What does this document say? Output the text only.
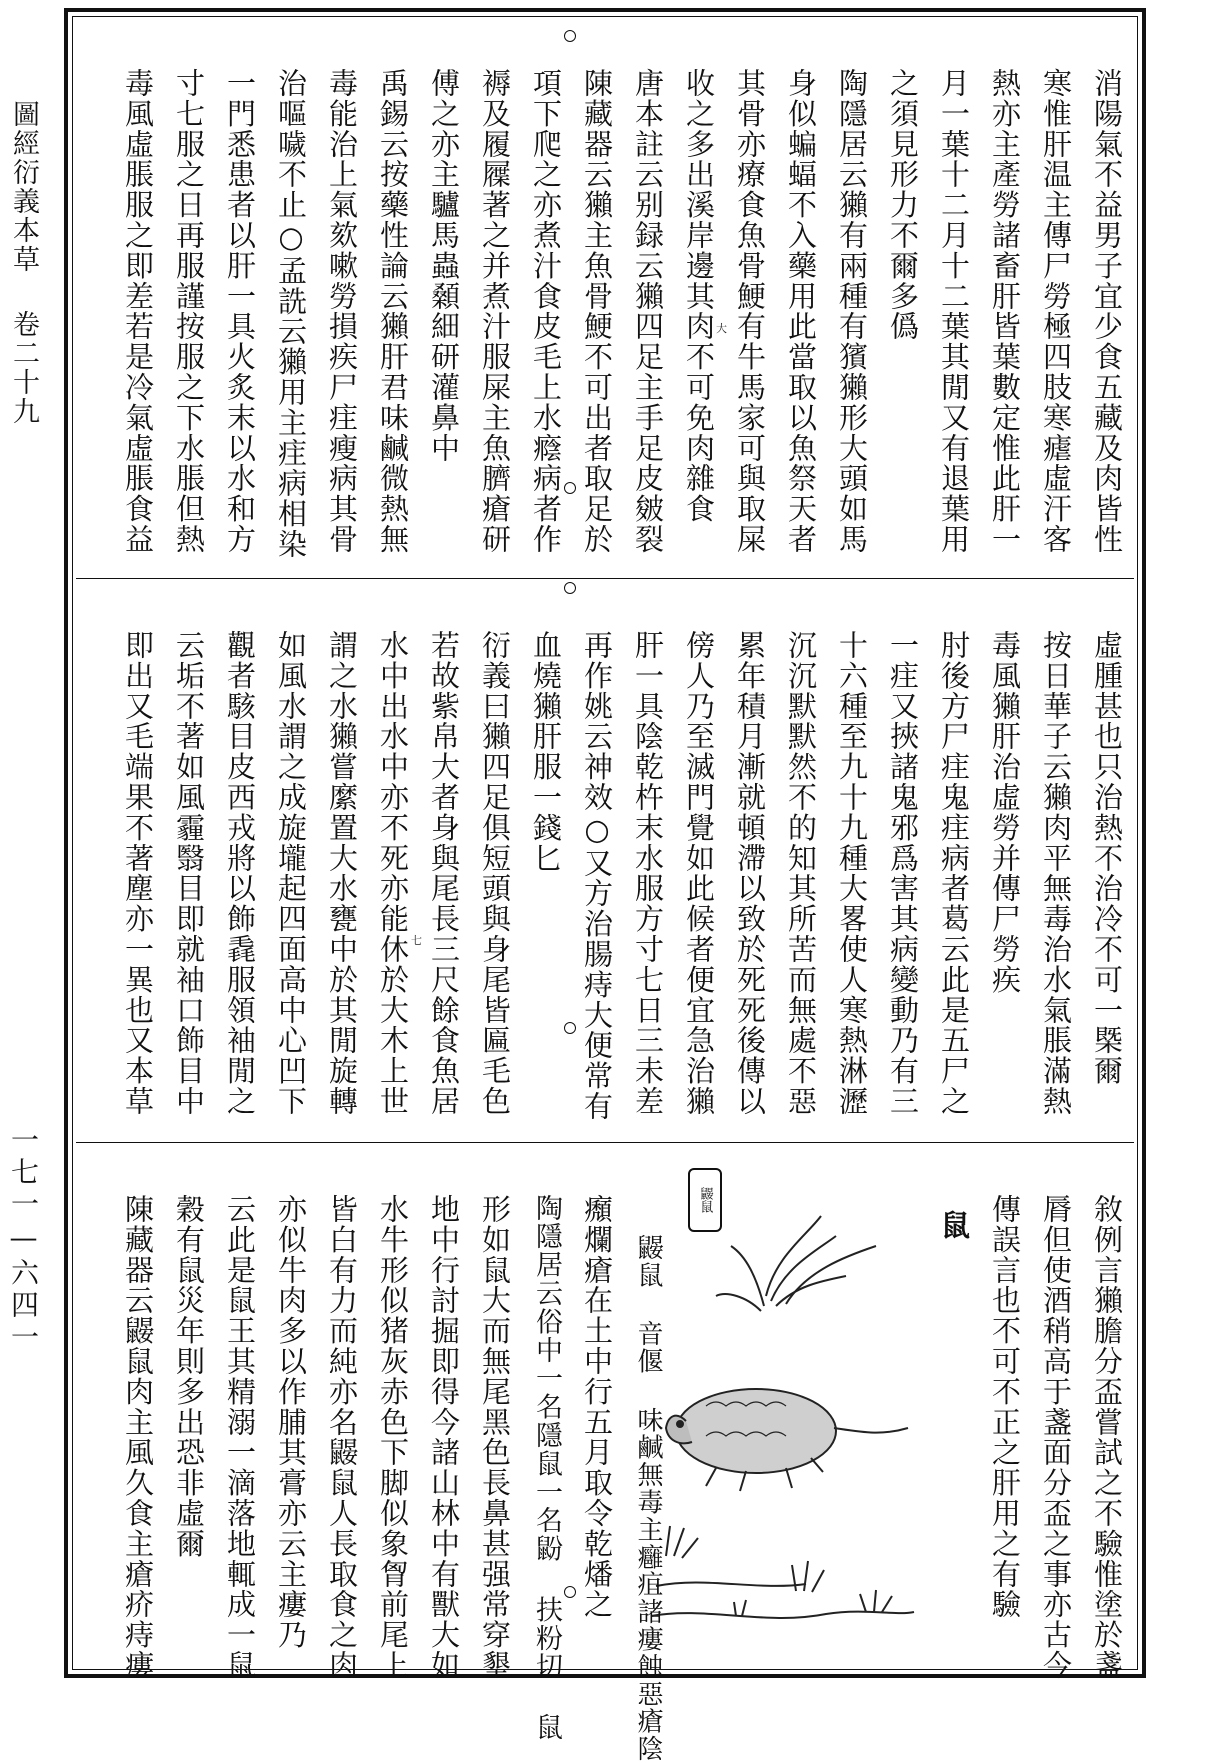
圖經衍義本草卷二十九
一七一—六四一
大	消陽氣不益男子宜少食五藏及肉皆性
寒惟肝温主傳尸勞極四肢寒瘧虛汗客
熱亦主產勞諸畜肝皆葉數定惟此肝一
月一葉十二月十二葉其閒又有退葉用
之須見形力不爾多僞
陶隱居云獺有兩種有獱獺形大頭如馬
身似蝙蝠不入藥用此當取以魚祭天者
其骨亦療食魚骨鯁有牛馬家可與取屎
收之多出溪岸邊其肉不可免肉雜食
唐本註云别録云獺四足主手足皮皴裂
陳藏器云獺主魚骨鯁不可出者取足於
項下爬之亦煮汁食皮毛上水癊病者作
褥及履屧著之并煮汁服屎主魚臍瘡研
傅之亦主驢馬蟲顙細研灌鼻中
禹錫云按藥性論云獺肝君味鹹微熱無
毒能治上氣欬嗽勞損疾尸疰瘦病其骨
治嘔噦不止○孟詵云獺用主疰病相染
一門悉患者以肝一具火炙末以水和方
寸七服之日再服謹按服之下水脹但熱
毒風虛脹服之即差若是冷氣虛脹食益
七	虛腫甚也只治熱不治冷不可一槩爾
按日華子云獺肉平無毒治水氣脹滿熱
毒風獺肝治虛勞并傳尸勞疾
肘後方尸疰鬼疰病者葛云此是五尸之
一疰又挾諸鬼邪爲害其病變動乃有三
十六種至九十九種大畧使人寒熱淋瀝
沉沉默默然不的知其所苦而無處不惡
累年積月漸就頓滯以致於死死後傳以
傍人乃至滅門覺如此候者便宜急治獺
肝一具陰乾杵末水服方寸七日三未差
再作姚云神效○又方治腸痔大便常有
血燒獺肝服一錢匕
衍義曰獺四足俱短頭與身尾皆匾毛色
若故紫帛大者身與尾長三尺餘食魚居
水中出水中亦不死亦能休於大木上世
謂之水獺嘗縻置大水甕中於其閒旋轉
如風水謂之成旋壠起四面高中心凹下
觀者駭目皮西戎將以飾毳服領袖閒之
云垢不著如風霾翳目即就袖口飾目中
即出又毛端果不著塵亦一異也又本草
敘例言獺膽分盃嘗試之不驗惟塗於盞
脣但使酒稍高于盞面分盃之事亦古今
傳誤言也不可不正之肝用之有驗
鼠
鼹鼠
鼹鼠 音偃 味鹹無毒主癰疽諸瘻蝕惡瘡陰
㿗爛瘡在土中行五月取令乾燔之
陶隱居云俗中一名隱鼠一名鼢 扶粉切 鼠
形如鼠大而無尾黑色長鼻甚强常穿墾
地中行討掘即得今諸山林中有獸大如
水牛形似猪灰赤色下脚似象胷前尾上
皆白有力而純亦名鼹鼠人長取食之肉
亦似牛肉多以作脯其膏亦云主瘻乃
云此是鼠王其精溺一滴落地輒成一鼠
穀有鼠災年則多出恐非虛爾
陳藏器云鼹鼠肉主風久食主瘡疥痔瘻
